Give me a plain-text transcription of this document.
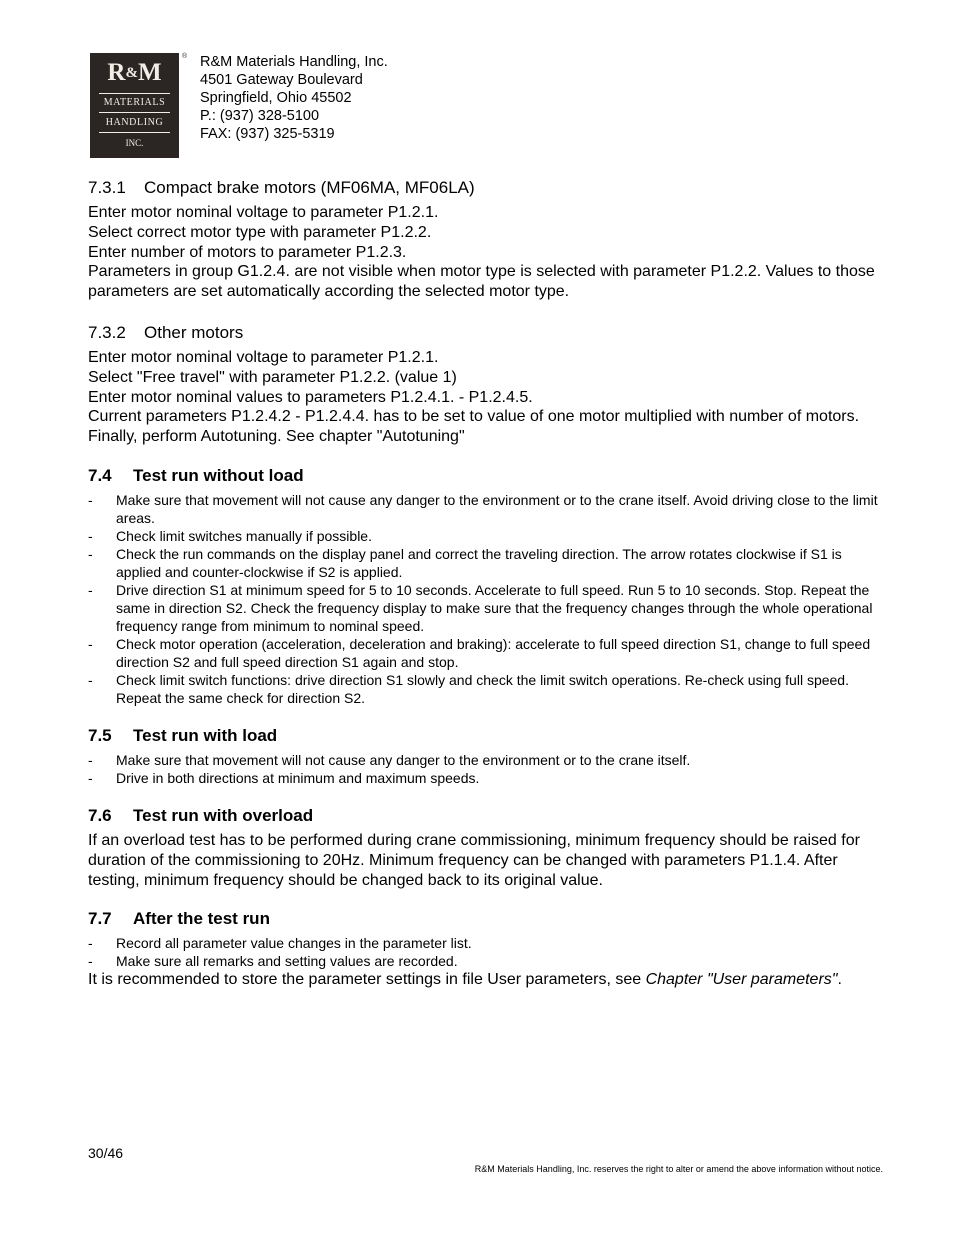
R&M
MATERIALS
HANDLING
INC.
® R&M Materials Handling, Inc.
4501 Gateway Boulevard
Springfield, Ohio 45502
P.: (937) 328-5100
FAX: (937) 325-5319
7.3.1 Compact brake motors (MF06MA, MF06LA)

Enter motor nominal voltage to parameter P1.2.1.

Select correct motor type with parameter P1.2.2.

Enter number of motors to parameter P1.2.3.

Parameters in group G1.2.4. are not visible when motor type is selected with parameter P1.2.2. Values to those parameters are set automatically according the selected motor type.

7.3.2 Other motors

Enter motor nominal voltage to parameter P1.2.1.

Select "Free travel" with parameter P1.2.2. (value 1)

Enter motor nominal values to parameters P1.2.4.1. - P1.2.4.5.

Current parameters P1.2.4.2 - P1.2.4.4. has to be set to value of one motor multiplied with number of motors.

Finally, perform Autotuning. See chapter "Autotuning"

7.4 Test run without load
- Make sure that movement will not cause any danger to the environment or to the crane itself. Avoid driving close to the limit areas.
- Check limit switches manually if possible.
- Check the run commands on the display panel and correct the traveling direction. The arrow rotates clockwise if S1 is applied and counter-clockwise if S2 is applied.
- Drive direction S1 at minimum speed for 5 to 10 seconds. Accelerate to full speed. Run 5 to 10 seconds. Stop. Repeat the same in direction S2. Check the frequency display to make sure that the frequency changes through the whole operational frequency range from minimum to nominal speed.
- Check motor operation (acceleration, deceleration and braking): accelerate to full speed direction S1, change to full speed direction S2 and full speed direction S1 again and stop.
- Check limit switch functions: drive direction S1 slowly and check the limit switch operations. Re-check using full speed. Repeat the same check for direction S2.
7.5 Test run with load
- Make sure that movement will not cause any danger to the environment or to the crane itself.
- Drive in both directions at minimum and maximum speeds.
7.6 Test run with overload

If an overload test has to be performed during crane commissioning, minimum frequency should be raised for duration of the commissioning to 20Hz. Minimum frequency can be changed with parameters P1.1.4. After testing, minimum frequency should be changed back to its original value.

7.7 After the test run
- Record all parameter value changes in the parameter list.
- Make sure all remarks and setting values are recorded.

It is recommended to store the parameter settings in file User parameters, see Chapter "User parameters".

30/46
R&M Materials Handling, Inc. reserves the right to alter or amend the above information without notice.
